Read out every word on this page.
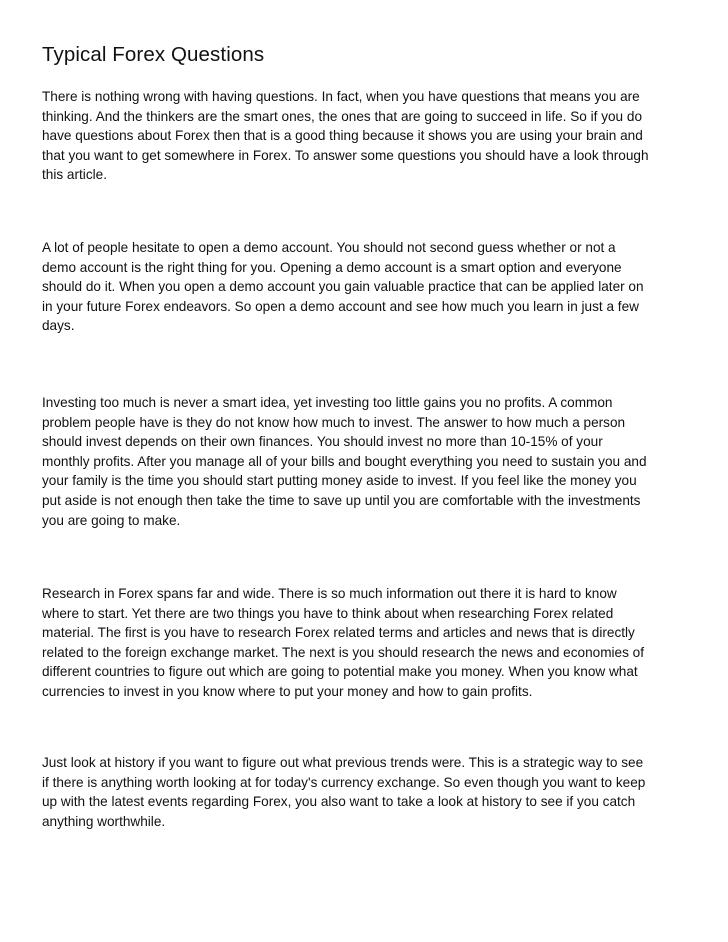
Typical Forex Questions

There is nothing wrong with having questions. In fact, when you have questions that means you are
thinking. And the thinkers are the smart ones, the ones that are going to succeed in life. So if you do
have questions about Forex then that is a good thing because it shows you are using your brain and
that you want to get somewhere in Forex. To answer some questions you should have a look through
this article.

A lot of people hesitate to open a demo account. You should not second guess whether or not a
demo account is the right thing for you. Opening a demo account is a smart option and everyone
should do it. When you open a demo account you gain valuable practice that can be applied later on
in your future Forex endeavors. So open a demo account and see how much you learn in just a few
days.

Investing too much is never a smart idea, yet investing too little gains you no profits. A common
problem people have is they do not know how much to invest. The answer to how much a person
should invest depends on their own finances. You should invest no more than 10-15% of your
monthly profits. After you manage all of your bills and bought everything you need to sustain you and
your family is the time you should start putting money aside to invest. If you feel like the money you
put aside is not enough then take the time to save up until you are comfortable with the investments
you are going to make.

Research in Forex spans far and wide. There is so much information out there it is hard to know
where to start. Yet there are two things you have to think about when researching Forex related
material. The first is you have to research Forex related terms and articles and news that is directly
related to the foreign exchange market. The next is you should research the news and economies of
different countries to figure out which are going to potential make you money. When you know what
currencies to invest in you know where to put your money and how to gain profits.

Just look at history if you want to figure out what previous trends were. This is a strategic way to see
if there is anything worth looking at for today's currency exchange. So even though you want to keep
up with the latest events regarding Forex, you also want to take a look at history to see if you catch
anything worthwhile.
